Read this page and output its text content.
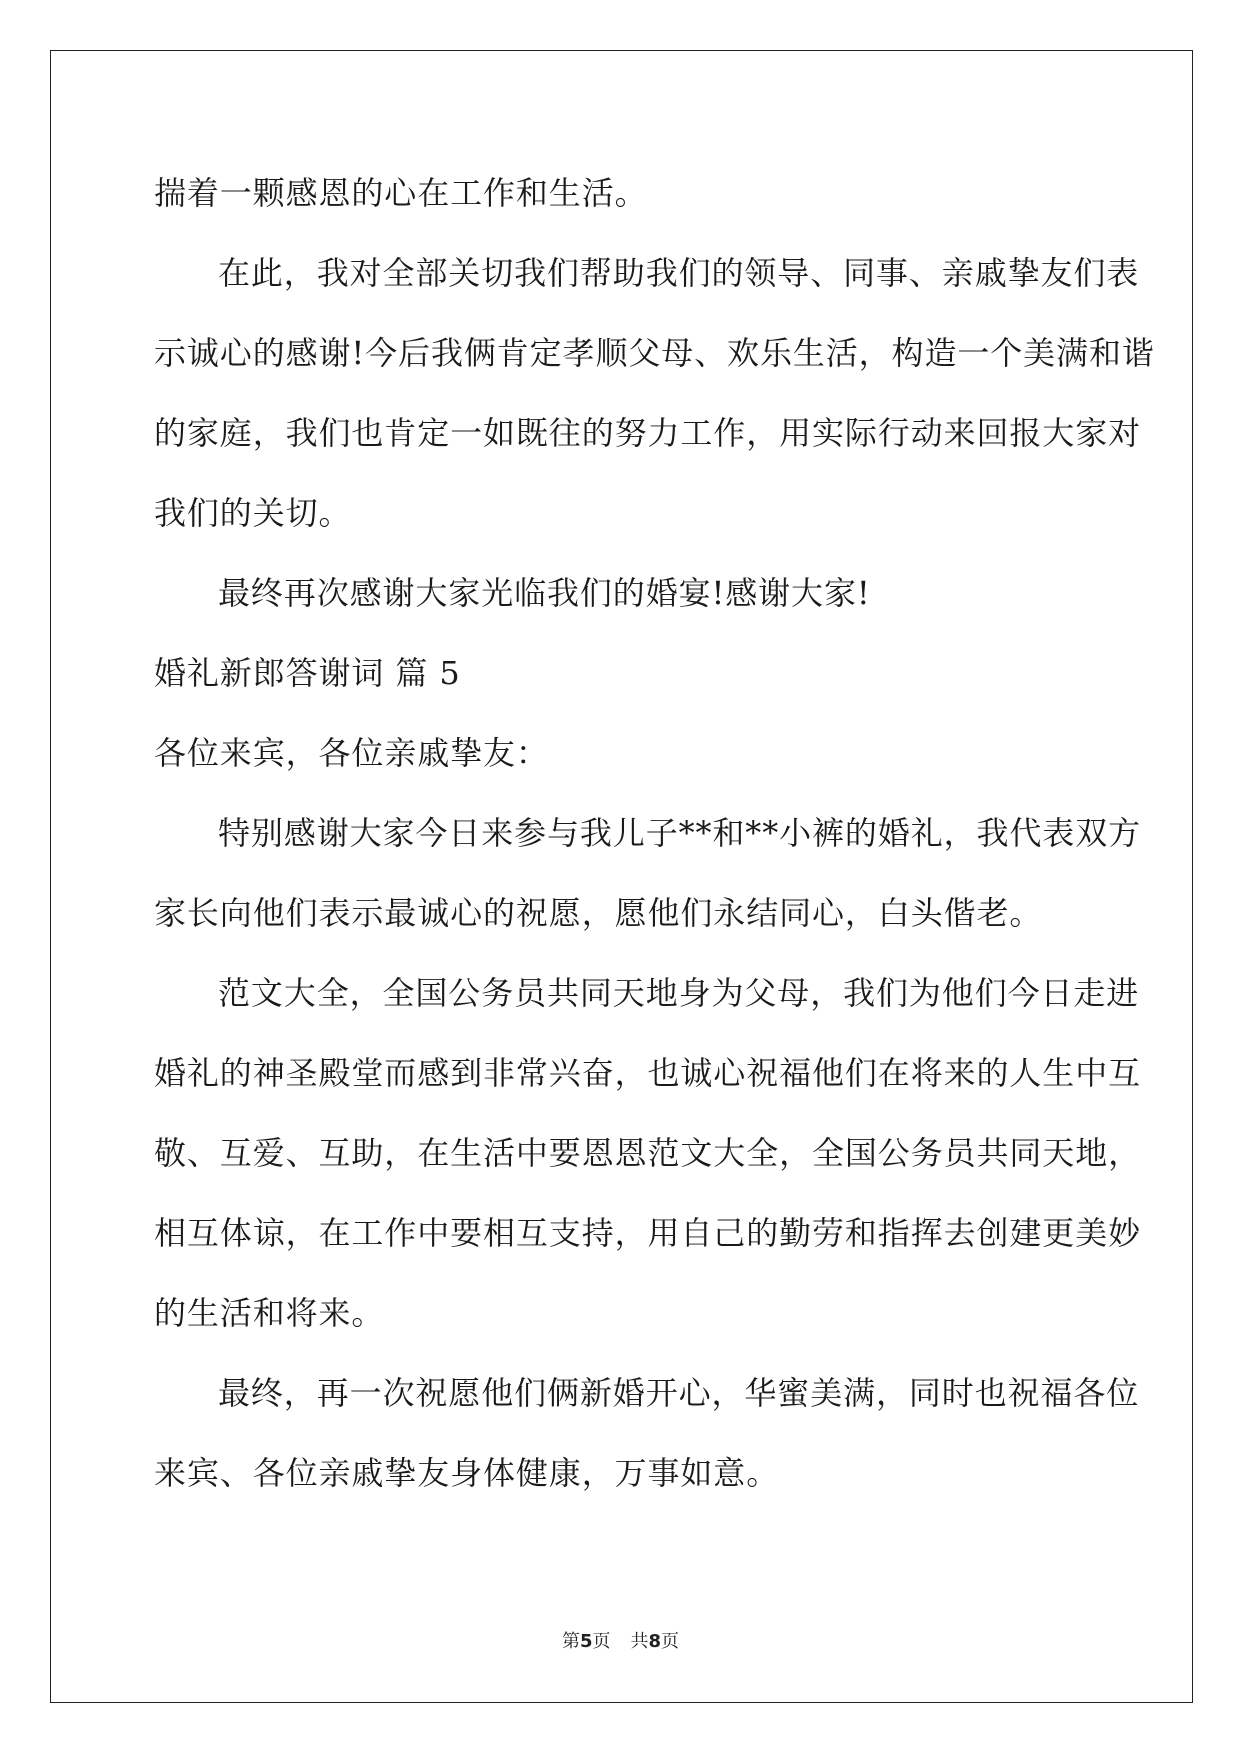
揣着一颗感恩的心在工作和生活。
在此，我对全部关切我们帮助我们的领导、同事、亲戚挚友们表
示诚心的感谢!今后我俩肯定孝顺父母、欢乐生活，构造一个美满和谐
的家庭，我们也肯定一如既往的努力工作，用实际行动来回报大家对
我们的关切。
最终再次感谢大家光临我们的婚宴!感谢大家!
婚礼新郎答谢词 篇 5
各位来宾，各位亲戚挚友：
特别感谢大家今日来参与我儿子**和**小裤的婚礼，我代表双方
家长向他们表示最诚心的祝愿，愿他们永结同心，白头偕老。
范文大全，全国公务员共同天地身为父母，我们为他们今日走进
婚礼的神圣殿堂而感到非常兴奋，也诚心祝福他们在将来的人生中互
敬、互爱、互助，在生活中要恩恩范文大全，全国公务员共同天地，
相互体谅，在工作中要相互支持，用自己的勤劳和指挥去创建更美妙
的生活和将来。
最终，再一次祝愿他们俩新婚开心，华蜜美满，同时也祝福各位
来宾、各位亲戚挚友身体健康，万事如意。
第5页 共8页
